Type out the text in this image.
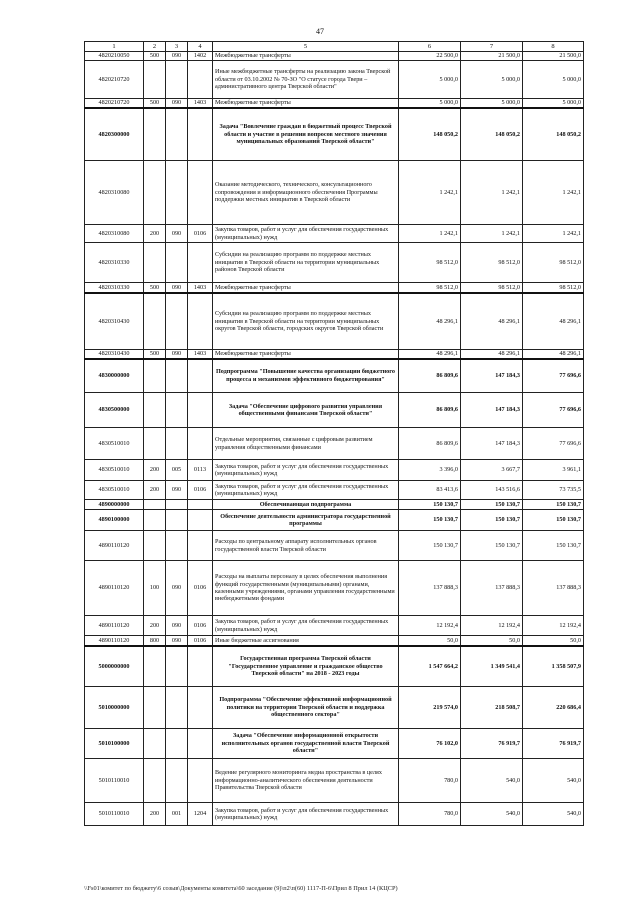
47
1	2	3	4	5	6	7	8
4820210050	500	090	1402	Межбюджетные трансферты	22 500,0	21 500,0	21 500,0
4820210720				Иные межбюджетные трансферты на реализацию закона Тверской области от 03.10.2002 № 70-ЗО "О статусе города Твери – административного центра Тверской области"	5 000,0	5 000,0	5 000,0
4820210720	500	090	1403	Межбюджетные трансферты	5 000,0	5 000,0	5 000,0
4820300000				Задача "Вовлечение граждан в бюджетный процесс Тверской области и участие в решении вопросов местного значения муниципальных образований Тверской области"	148 050,2	148 050,2	148 050,2
4820310080				Оказание методического, технического, консультационного сопровождения и информационного обеспечения Программы поддержки местных инициатив в Тверской области	1 242,1	1 242,1	1 242,1
4820310080	200	090	0106	Закупка товаров, работ и услуг для обеспечения государственных (муниципальных) нужд	1 242,1	1 242,1	1 242,1
4820310330				Субсидии на реализацию программ по поддержке местных инициатив в Тверской области на территории муниципальных районов Тверской области	98 512,0	98 512,0	98 512,0
4820310330	500	090	1403	Межбюджетные трансферты	98 512,0	98 512,0	98 512,0
4820310430				Субсидии на реализацию программ по поддержке местных инициатив в Тверской области на территории муниципальных округов Тверской области, городских округов Тверской области	48 296,1	48 296,1	48 296,1
4820310430	500	090	1403	Межбюджетные трансферты	48 296,1	48 296,1	48 296,1
4830000000				Подпрограмма "Повышение качества организации бюджетного процесса и механизмов эффективного бюджетирования"	86 809,6	147 184,3	77 696,6
4830500000				Задача "Обеспечение цифрового развития управления общественными финансами Тверской области"	86 809,6	147 184,3	77 696,6
4830510010				Отдельные мероприятия, связанные с цифровым развитием управления общественными финансами	86 809,6	147 184,3	77 696,6
4830510010	200	005	0113	Закупка товаров, работ и услуг для обеспечения государственных (муниципальных) нужд	3 396,0	3 667,7	3 961,1
4830510010	200	090	0106	Закупка товаров, работ и услуг для обеспечения государственных (муниципальных) нужд	83 413,6	143 516,6	73 735,5
4890000000				Обеспечивающая подпрограмма	150 130,7	150 130,7	150 130,7
4890100000				Обеспечение деятельности администратора государственной программы	150 130,7	150 130,7	150 130,7
4890110120				Расходы по центральному аппарату исполнительных органов государственной власти Тверской области	150 130,7	150 130,7	150 130,7
4890110120	100	090	0106	Расходы на выплаты персоналу в целях обеспечения выполнения функций государственными (муниципальными) органами, казенными учреждениями, органами управления государственными внебюджетными фондами	137 888,3	137 888,3	137 888,3
4890110120	200	090	0106	Закупка товаров, работ и услуг для обеспечения государственных (муниципальных) нужд	12 192,4	12 192,4	12 192,4
4890110120	800	090	0106	Иные бюджетные ассигнования	50,0	50,0	50,0
5000000000				Государственная программа Тверской области "Государственное управление и гражданское общество Тверской области" на 2018 - 2023 годы	1 547 664,2	1 349 541,4	1 358 507,9
5010000000				Подпрограмма "Обеспечение эффективной информационной политики на территории Тверской области и поддержка общественного сектора"	219 574,0	218 508,7	220 686,4
5010100000				Задача "Обеспечение информационной открытости исполнительных органов государственной власти Тверской области"	76 102,0	76 919,7	76 919,7
5010110010				Ведение регулярного мониторинга медиа пространства в целях информационно-аналитического обеспечения деятельности Правительства Тверской области	780,0	540,0	540,0
5010110010	200	001	1204	Закупка товаров, работ и услуг для обеспечения государственных (муниципальных) нужд	780,0	540,0	540,0
\\Fs01\комитет по бюджету\6 созыв\Документы комитета\60 заседание (9)\п2\п(60) 1117-П-6\Прил 8 Прил 14 (КЦСР)
